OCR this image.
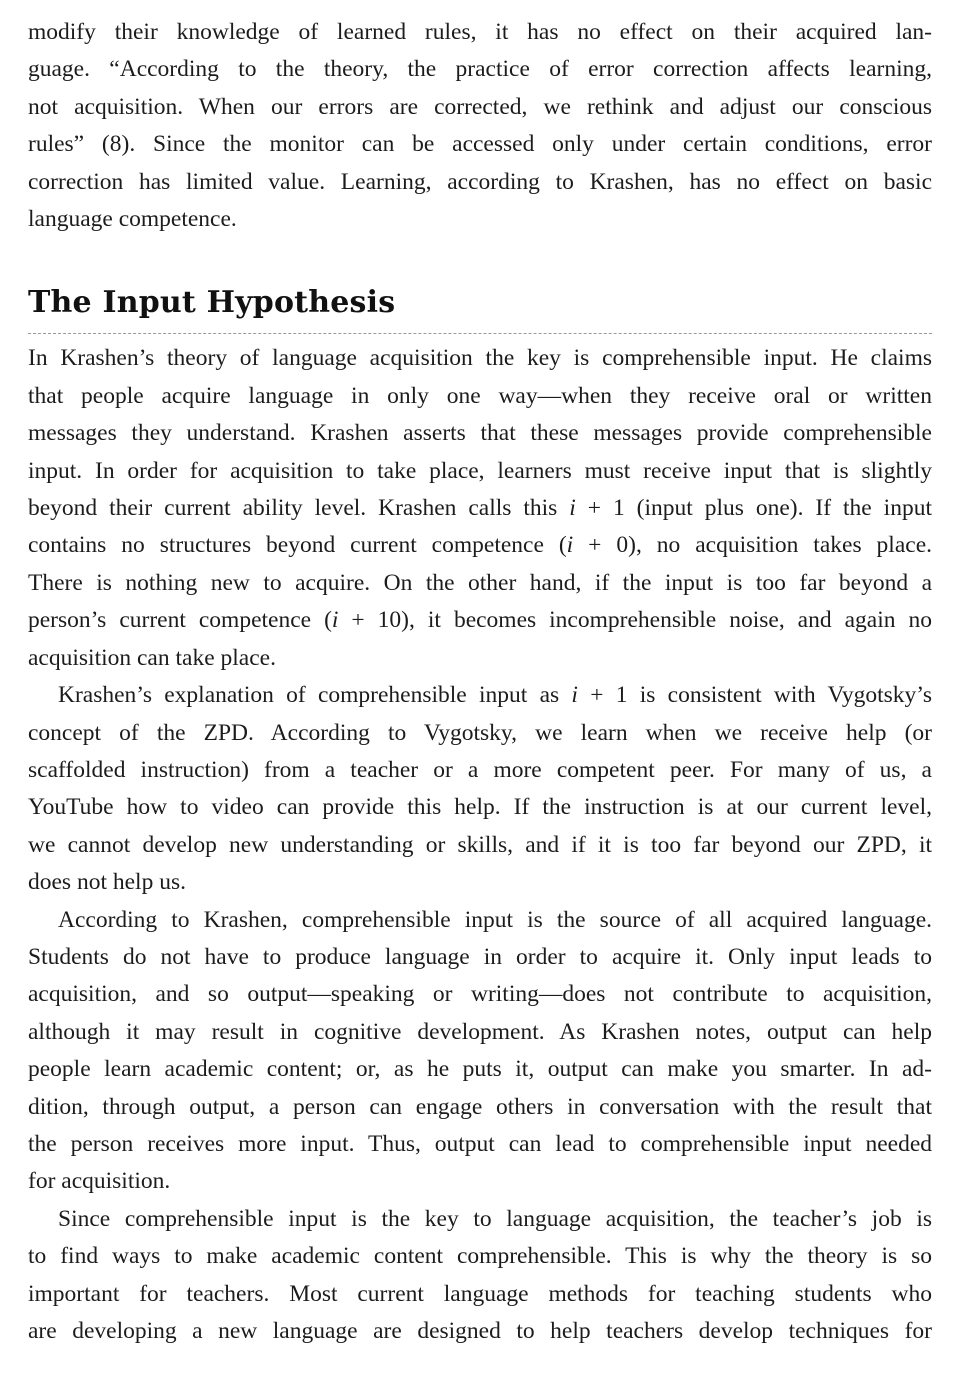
modify their knowledge of learned rules, it has no effect on their acquired lan-
guage. “According to the theory, the practice of error correction affects learning,
not acquisition. When our errors are corrected, we rethink and adjust our conscious
rules” (8). Since the monitor can be accessed only under certain conditions, error
correction has limited value. Learning, according to Krashen, has no effect on basic
language competence.
The Input Hypothesis
In Krashen’s theory of language acquisition the key is comprehensible input. He claims
that people acquire language in only one way—when they receive oral or written
messages they understand. Krashen asserts that these messages provide comprehensible
input. In order for acquisition to take place, learners must receive input that is slightly
beyond their current ability level. Krashen calls this i + 1 (input plus one). If the input
contains no structures beyond current competence (i + 0), no acquisition takes place.
There is nothing new to acquire. On the other hand, if the input is too far beyond a
person’s current competence (i + 10), it becomes incomprehensible noise, and again no
acquisition can take place.
Krashen’s explanation of comprehensible input as i + 1 is consistent with Vygotsky’s
concept of the ZPD. According to Vygotsky, we learn when we receive help (or
scaffolded instruction) from a teacher or a more competent peer. For many of us, a
YouTube how to video can provide this help. If the instruction is at our current level,
we cannot develop new understanding or skills, and if it is too far beyond our ZPD, it
does not help us.
According to Krashen, comprehensible input is the source of all acquired language.
Students do not have to produce language in order to acquire it. Only input leads to
acquisition, and so output—speaking or writing—does not contribute to acquisition,
although it may result in cognitive development. As Krashen notes, output can help
people learn academic content; or, as he puts it, output can make you smarter. In ad-
dition, through output, a person can engage others in conversation with the result that
the person receives more input. Thus, output can lead to comprehensible input needed
for acquisition.
Since comprehensible input is the key to language acquisition, the teacher’s job is
to find ways to make academic content comprehensible. This is why the theory is so
important for teachers. Most current language methods for teaching students who
are developing a new language are designed to help teachers develop techniques for
